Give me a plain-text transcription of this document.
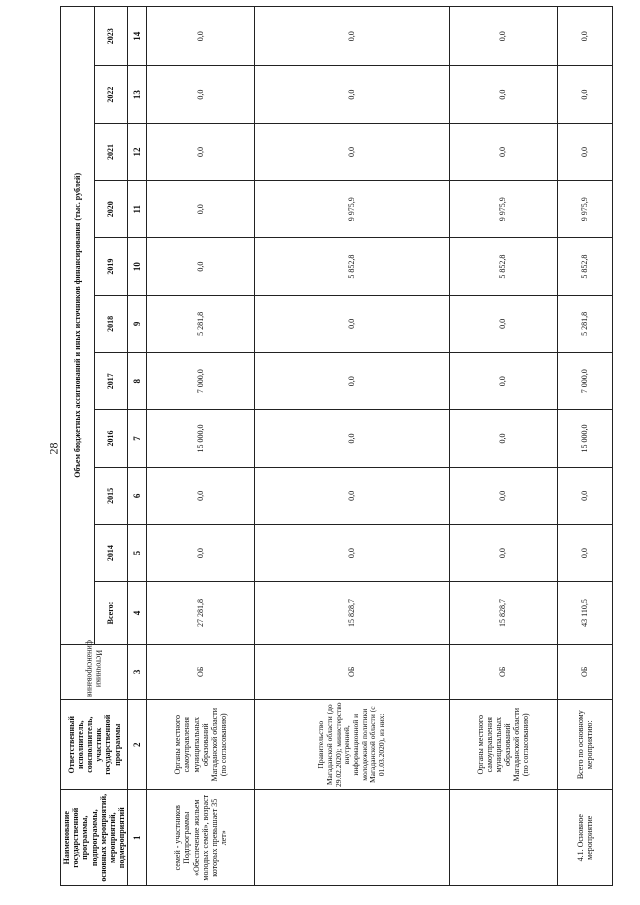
28
Наименование государственной программы, подпрограммы, основных мероприятий, мероприятий, подмероприятий	Ответственный исполнитель, соисполнитель, участник государственной программы	Источники финансирования	Объем бюджетных ассигнований и иных источников финансирования (тыс. рублей)										
			Всего:	2014	2015	2016	2017	2018	2019	2020	2021	2022	2023
1	2	3	4	5	6	7	8	9	10	11	12	13	14
семей - участников Подпрограммы «Обеспечение жильем молодых семей», возраст которых превышает 35 лет»	Органы местного самоуправления муниципальных образований Магаданской области (по согласованию)	ОБ	27 281,8	0,0	0,0	15 000,0	7 000,0	5 281,8	0,0	0,0	0,0	0,0	0,0
	Правительство Магаданской области (до 29.02.2020); министерство внутренней, информационной и молодежной политики Магаданской области (с 01.03.2020), из них:	ОБ	15 828,7	0,0	0,0	0,0	0,0	0,0	5 852,8	9 975,9	0,0	0,0	0,0
	Органы местного самоуправления муниципальных образований Магаданской области (по согласованию)	ОБ	15 828,7	0,0	0,0	0,0	0,0	0,0	5 852,8	9 975,9	0,0	0,0	0,0
4.1. Основное мероприятие	Всего по основному мероприятию:	ОБ	43 110,5	0,0	0,0	15 000,0	7 000,0	5 281,8	5 852,8	9 975,9	0,0	0,0	0,0
